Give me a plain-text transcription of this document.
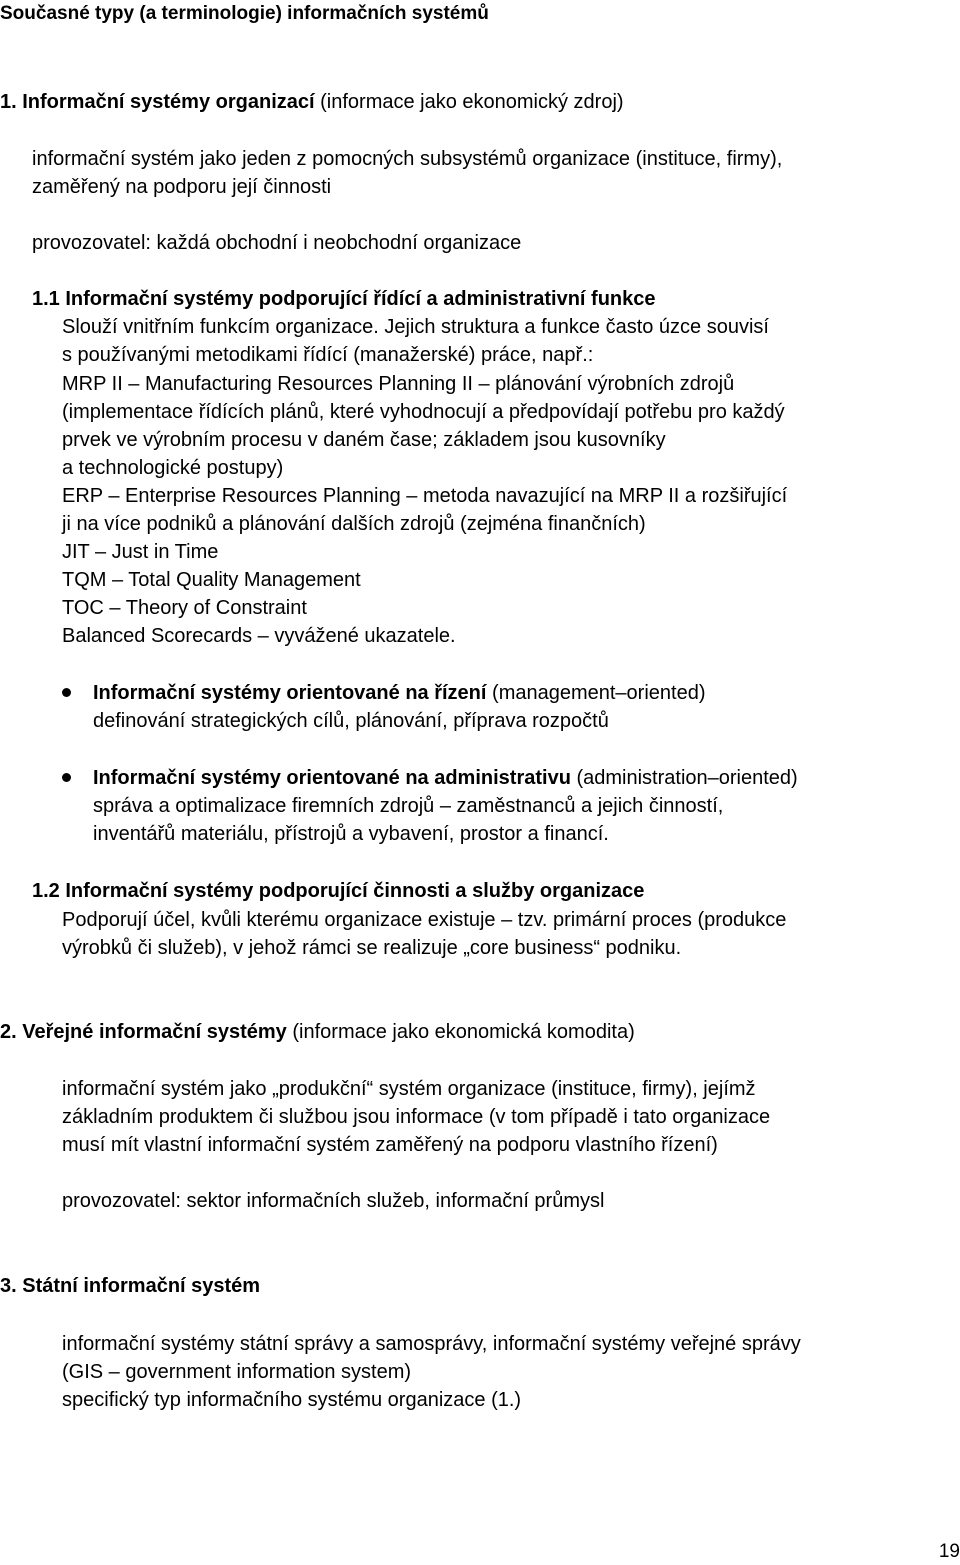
Současné typy (a terminologie) informačních systémů
1. Informační systémy organizací (informace jako ekonomický zdroj)
informační systém jako jeden z pomocných subsystémů organizace (instituce, firmy),
zaměřený na podporu její činnosti
provozovatel: každá obchodní i neobchodní organizace
1.1 Informační systémy podporující řídící a administrativní funkce
Slouží vnitřním funkcím organizace. Jejich struktura a funkce často úzce souvisí
s používanými metodikami řídící (manažerské) práce, např.:
MRP II – Manufacturing Resources Planning II – plánování výrobních zdrojů
(implementace řídících plánů, které vyhodnocují a předpovídají potřebu pro každý
prvek ve výrobním procesu v daném čase; základem jsou kusovníky
a technologické postupy)
ERP – Enterprise Resources Planning – metoda navazující na MRP II a rozšiřující
ji na více podniků a plánování dalších zdrojů (zejména finančních)
JIT – Just in Time
TQM – Total Quality Management
TOC – Theory of Constraint
Balanced Scorecards – vyvážené ukazatele.
Informační systémy orientované na řízení (management–oriented)
definování strategických cílů, plánování, příprava rozpočtů
Informační systémy orientované na administrativu (administration–oriented)
správa a optimalizace firemních zdrojů – zaměstnanců a jejich činností,
inventářů materiálu, přístrojů a vybavení, prostor a financí.
1.2 Informační systémy podporující činnosti a služby organizace
Podporují účel, kvůli kterému organizace existuje – tzv. primární proces (produkce
výrobků či služeb), v jehož rámci se realizuje „core business“ podniku.
2. Veřejné informační systémy (informace jako ekonomická komodita)
informační systém jako „produkční“ systém organizace (instituce, firmy), jejímž
základním produktem či službou jsou informace (v tom případě i tato organizace
musí mít vlastní informační systém zaměřený na podporu vlastního řízení)
provozovatel: sektor informačních služeb, informační průmysl
3. Státní informační systém
informační systémy státní správy a samosprávy, informační systémy veřejné správy
(GIS – government information system)
specifický typ informačního systému organizace (1.)
19
